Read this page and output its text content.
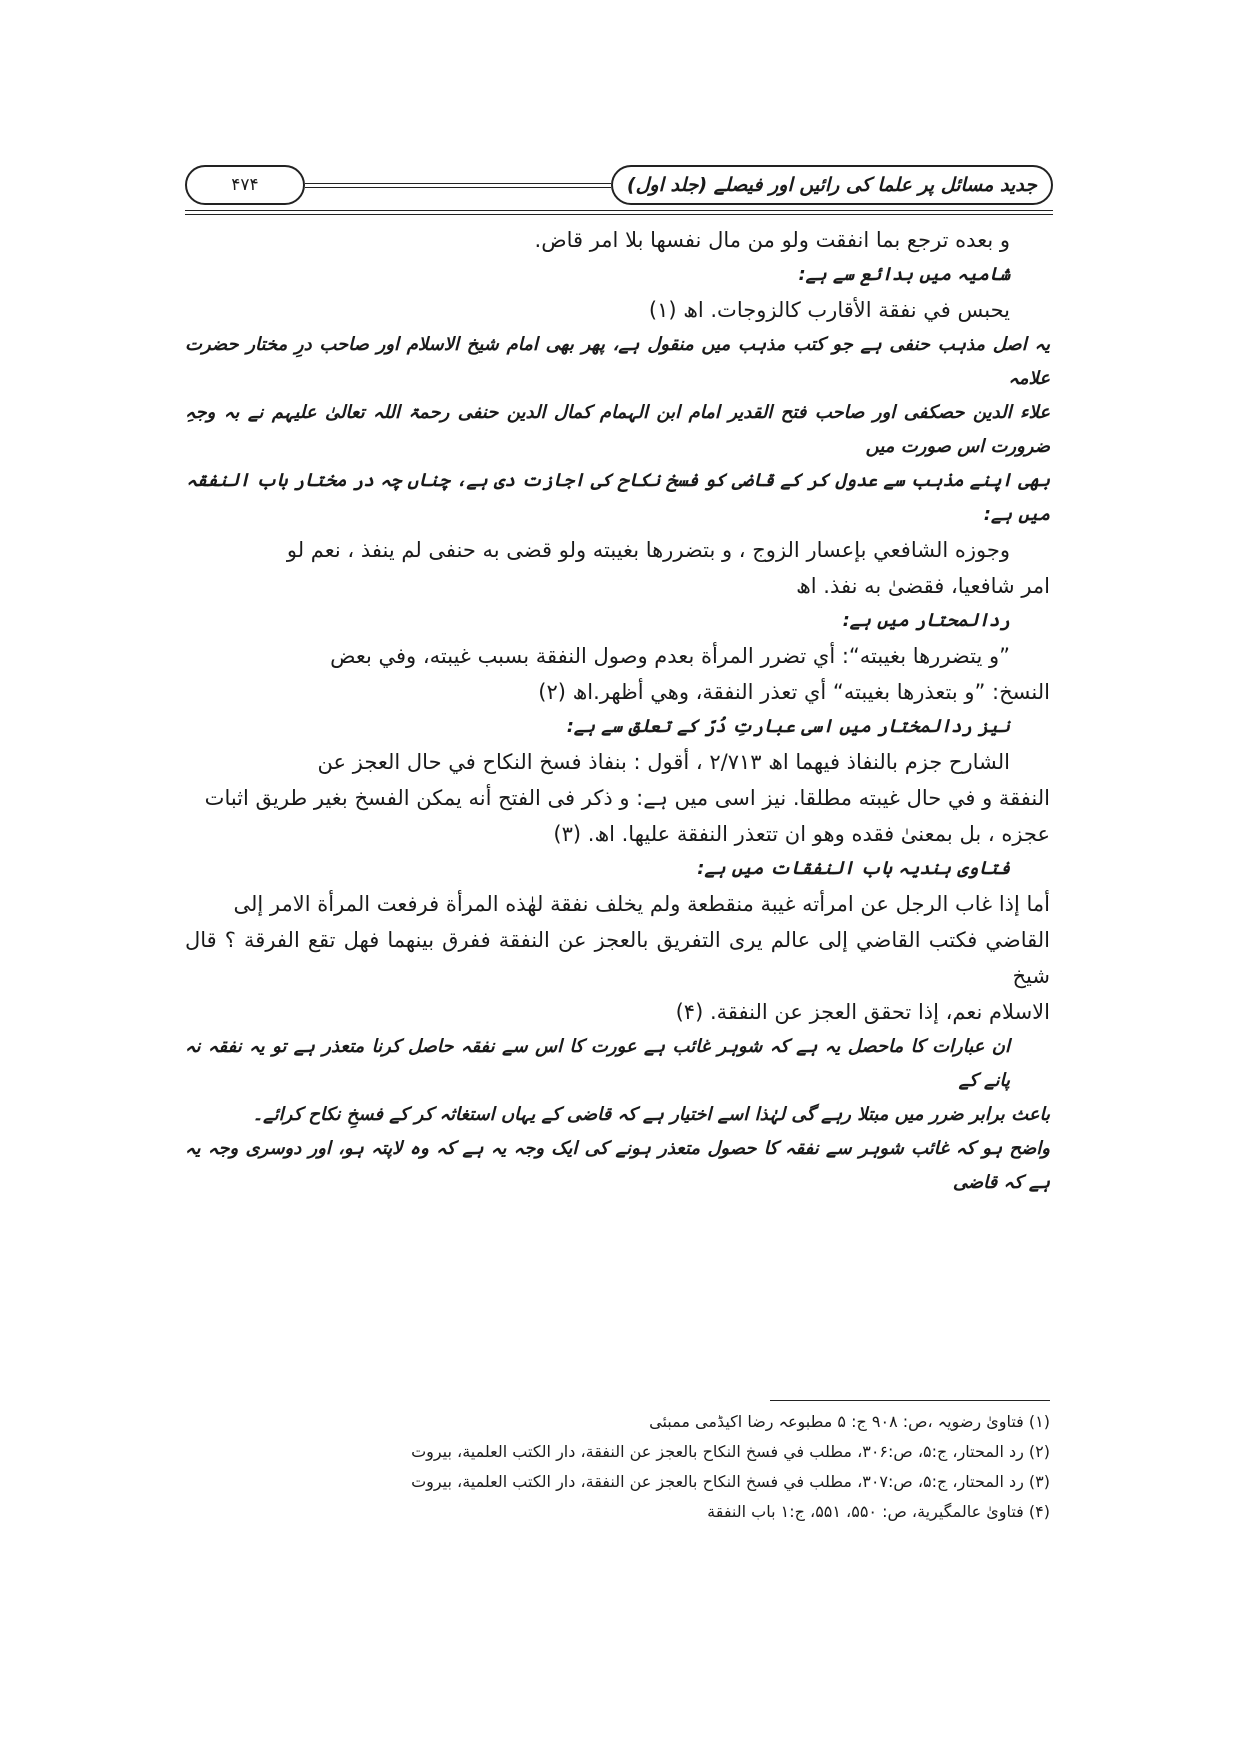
۴۷۴	جدید مسائل پر علما کی رائیں اور فیصلے (جلد اول)
و بعده ترجع بما انفقت ولو من مال نفسها بلا امر قاض.
شامیہ میں بدائع سے ہے:
يحبس في نفقة الأقارب كالزوجات. اھ (۱)
یہ اصل مذہب حنفی ہے جو کتب مذہب میں منقول ہے، پھر بھی امام شیخ الاسلام اور صاحب درِ مختار حضرت علامہ
علاء الدین حصکفی اور صاحب فتح القدیر امام ابن الہمام کمال الدین حنفی رحمۃ اللہ تعالیٰ علیہم نے بہ وجہِ ضرورت اس صورت میں
بھی اپنے مذہب سے عدول کر کے قاضی کو فسخ نکاح کی اجازت دی ہے، چناں چہ در مختار باب النفقہ میں ہے:
وجوزه الشافعي بإعسار الزوج ، و بتضررها بغيبته ولو قضى به حنفى لم ينفذ ، نعم لو
امر شافعيا، فقضیٰ به نفذ. اھ
ردالمحتار میں ہے:
”و يتضررها بغيبته“: أي تضرر المرأة بعدم وصول النفقة بسبب غيبته، وفي بعض
النسخ: ”و بتعذرها بغيبته“ أي تعذر النفقة، وهي أظهر.اھ (۲)
نیز ردالمختار میں اسی عبارتِ دُرّ کے تعلق سے ہے:
الشارح جزم بالنفاذ فيهما اھ ۲/۷۱۳ ، أقول : بنفاذ فسخ النكاح في حال العجز عن
النفقة و في حال غيبته مطلقا. نیز اسی میں ہے: و ذكر فى الفتح أنه يمكن الفسخ بغير طريق اثبات
عجزه ، بل بمعنیٰ فقده وهو ان تتعذر النفقة عليها. اھ. (۳)
فتاوی ہندیہ باب النفقات میں ہے:
أما إذا غاب الرجل عن امرأته غيبة منقطعة ولم يخلف نفقة لهٰذه المرأة فرفعت المرأة الامر إلى
القاضي فكتب القاضي إلى عالم يرى التفريق بالعجز عن النفقة ففرق بينهما فهل تقع الفرقة ؟ قال شيخ
الاسلام نعم، إذا تحقق العجز عن النفقة. (۴)
ان عبارات کا ماحصل یہ ہے کہ شوہر غائب ہے عورت کا اس سے نفقہ حاصل کرنا متعذر ہے تو یہ نفقہ نہ پانے کے
باعث برابر ضرر میں مبتلا رہے گی لہٰذا اسے اختیار ہے کہ قاضی کے یہاں استغاثہ کر کے فسخِ نکاح کرائے۔
واضح ہو کہ غائب شوہر سے نفقہ کا حصول متعذر ہونے کی ایک وجہ یہ ہے کہ وہ لاپتہ ہو، اور دوسری وجہ یہ ہے کہ قاضی
(۱) فتاویٰ رضویہ ،ص: ۹۰۸ ج: ۵ مطبوعہ رضا اکیڈمی ممبئی
(۲) رد المحتار، ج:۵، ص:۳۰۶، مطلب في فسخ النكاح بالعجز عن النفقة، دار الكتب العلمية، بيروت
(۳) رد المحتار، ج:۵، ص:۳۰۷، مطلب في فسخ النكاح بالعجز عن النفقة، دار الكتب العلمية، بيروت
(۴) فتاویٰ عالمگیرية، ص: ۵۵۰، ۵۵۱، ج:۱ باب النفقة
